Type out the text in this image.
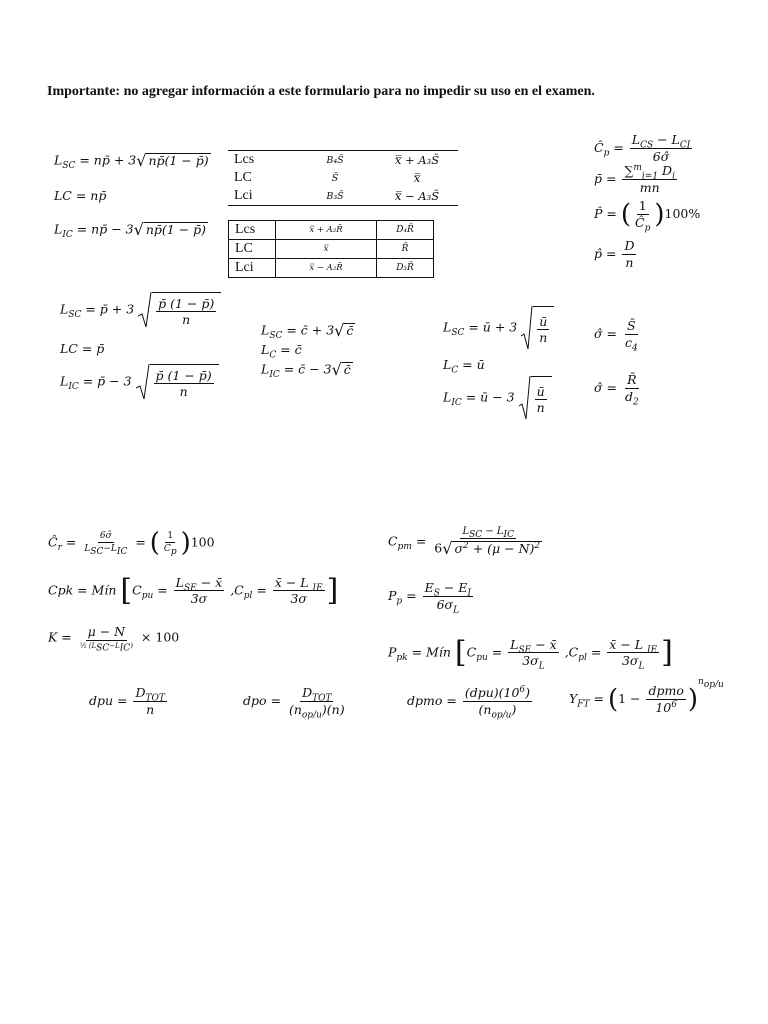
Importante: no agregar información a este formulario para no impedir su uso en el examen.
$L_{SC}$ = np̄ + 3 √ np̄(1 − p̄)
LC = np̄
$L_{IC}$ = np̄ − 3 √ np̄(1 − p̄)
Lcs	B₄S̄	x̿ + A₃S̄
LC	S̄	x̿
Lci	B₃S̄	x̿ − A₃S̄
Lcs	x̿ + A₂R̄	D₄R̄
LC	x̿	R̄
Lci	x̿ − A₂R̄	D₃R̄
$Ĉ_p = \frac{L_{CS} - L_{CI}}{6\sigmâ}$
p̄ = $\frac{\sum^m_{i=1} D_i}{mn}$
P̂ = ( $\frac{1}{Ĉ_p} )100\%$
p̂ = $\frac{D}{n}$
$L_{SC}$ = p̄ + $3 \frac{p̄ (1 - p̄)}{n}$
LC = p̄
$L_{IC}$ = p̄ − $3 \frac{p̄ (1 - p̄)}{n}$
$L_{SC}$ = c̄ + 3 √ c̄
$L_C$ = c̄
$L_{IC}$ = c̄ − 3 √ c̄
$L_{SC}$ = ū + $3 \frac{ū}{n}$
$L_C$ = ū
$L_{IC}$ = ū − $3 \frac{ū}{n}$
σ̂ = $\frac{S̄}{c_4}$
σ̂ = $\frac{R̄}{d_2}$
$Ĉ_r = \frac{6\sigmâ}{L_{SC}-L_{IC}}$ = ( $\frac{1}{C_p} )100$	$C_{pm} = \frac{L_{SC} - L_{IC}}{6 √ \sigma^2 + (\mu - N)^2}$
Cpk = Mín [$C_{pu} = \frac{L_{SE} - x̄}{3\sigma} ,C_{pl} = \frac{x̄ - L _{IE}}{3\sigma}$ ]	$P_p = \frac{E_S - E_I}{6\sigma_L}$
$K = \frac{\mu - N}{\frac{1}{2} (L_{SC}-L_{IC})} \times 100$
$P_{pk}$ = Mín [$C_{pu} = \frac{L_{SE} - x̄}{3\sigma_L} ,C_{pl} = \frac{x̄ - L _{IE}}{3\sigma_L}$ ]
dpu = $\frac{D_{TOT}}{n}$	dpo = $\frac{D_{TOT}}{(n_{op/u})(n)}$	dpmo = $\frac{(dpu)(10^6)}{(n_{op/u})}$	$Y_{FT} = (1 - \frac{\text{dpmo}}{10^6} )^{n_{op/u}}$
